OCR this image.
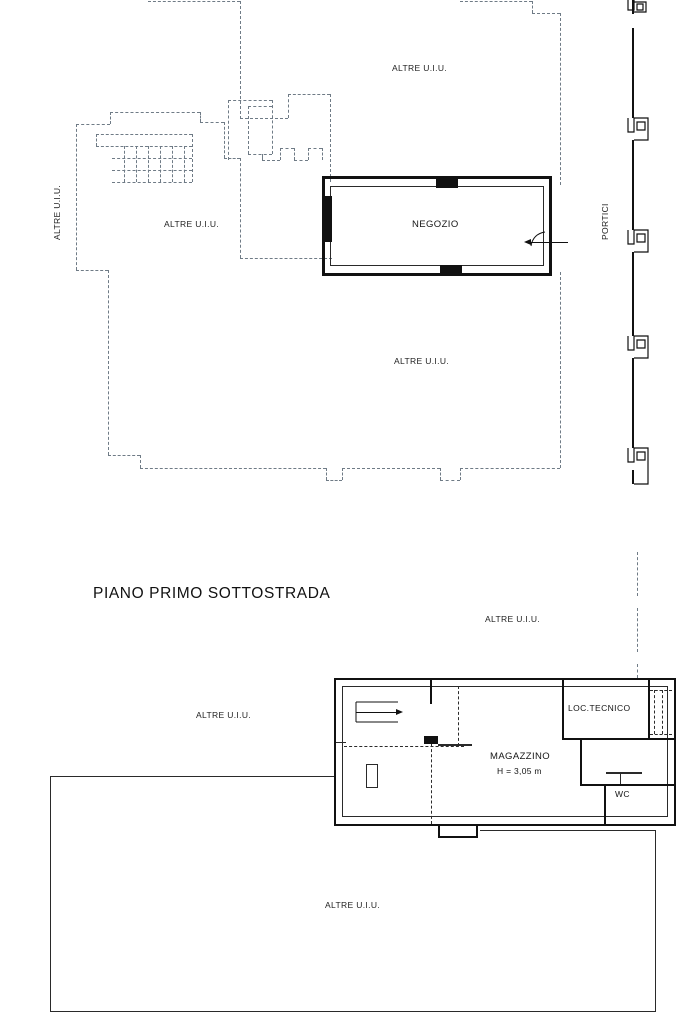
ALTRE U.I.U.
ALTRE U.I.U.	ALTRE U.I.U.
ALTRE U.I.U.
PORTICI
NEGOZIO
PIANO PRIMO SOTTOSTRADA
ALTRE U.I.U.
ALTRE U.I.U.
ALTRE U.I.U.
MAGAZZINO
H = 3,05 m
LOC.TECNICO
WC
